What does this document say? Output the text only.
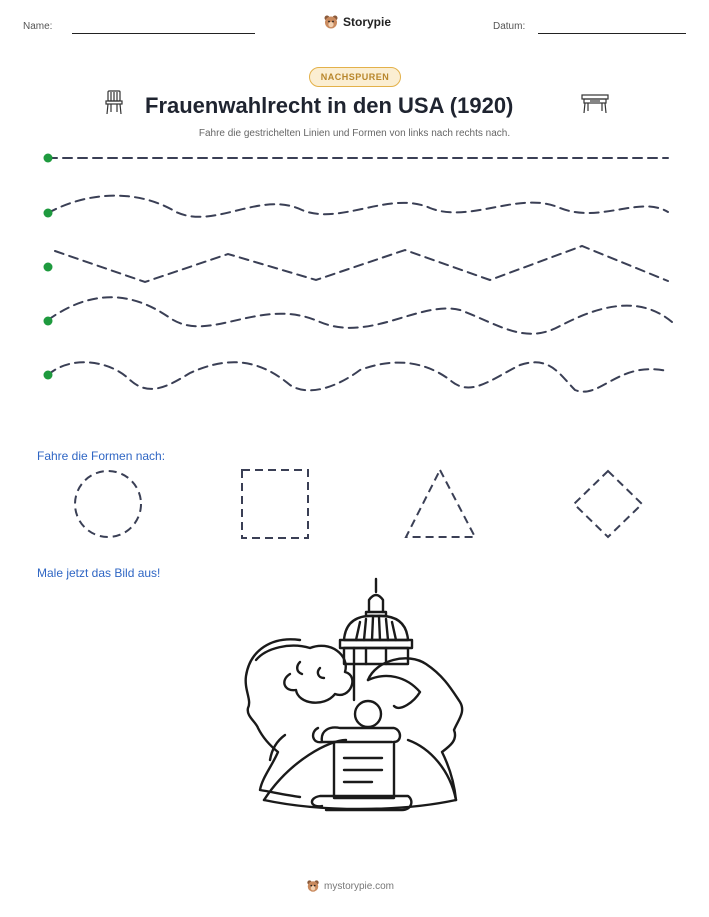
Name:	Storypie	Datum:
NACHSPUREN
Frauenwahlrecht in den USA (1920)
Fahre die gestrichelten Linien und Formen von links nach rechts nach.
Fahre die Formen nach:
Male jetzt das Bild aus!
mystorypie.com
